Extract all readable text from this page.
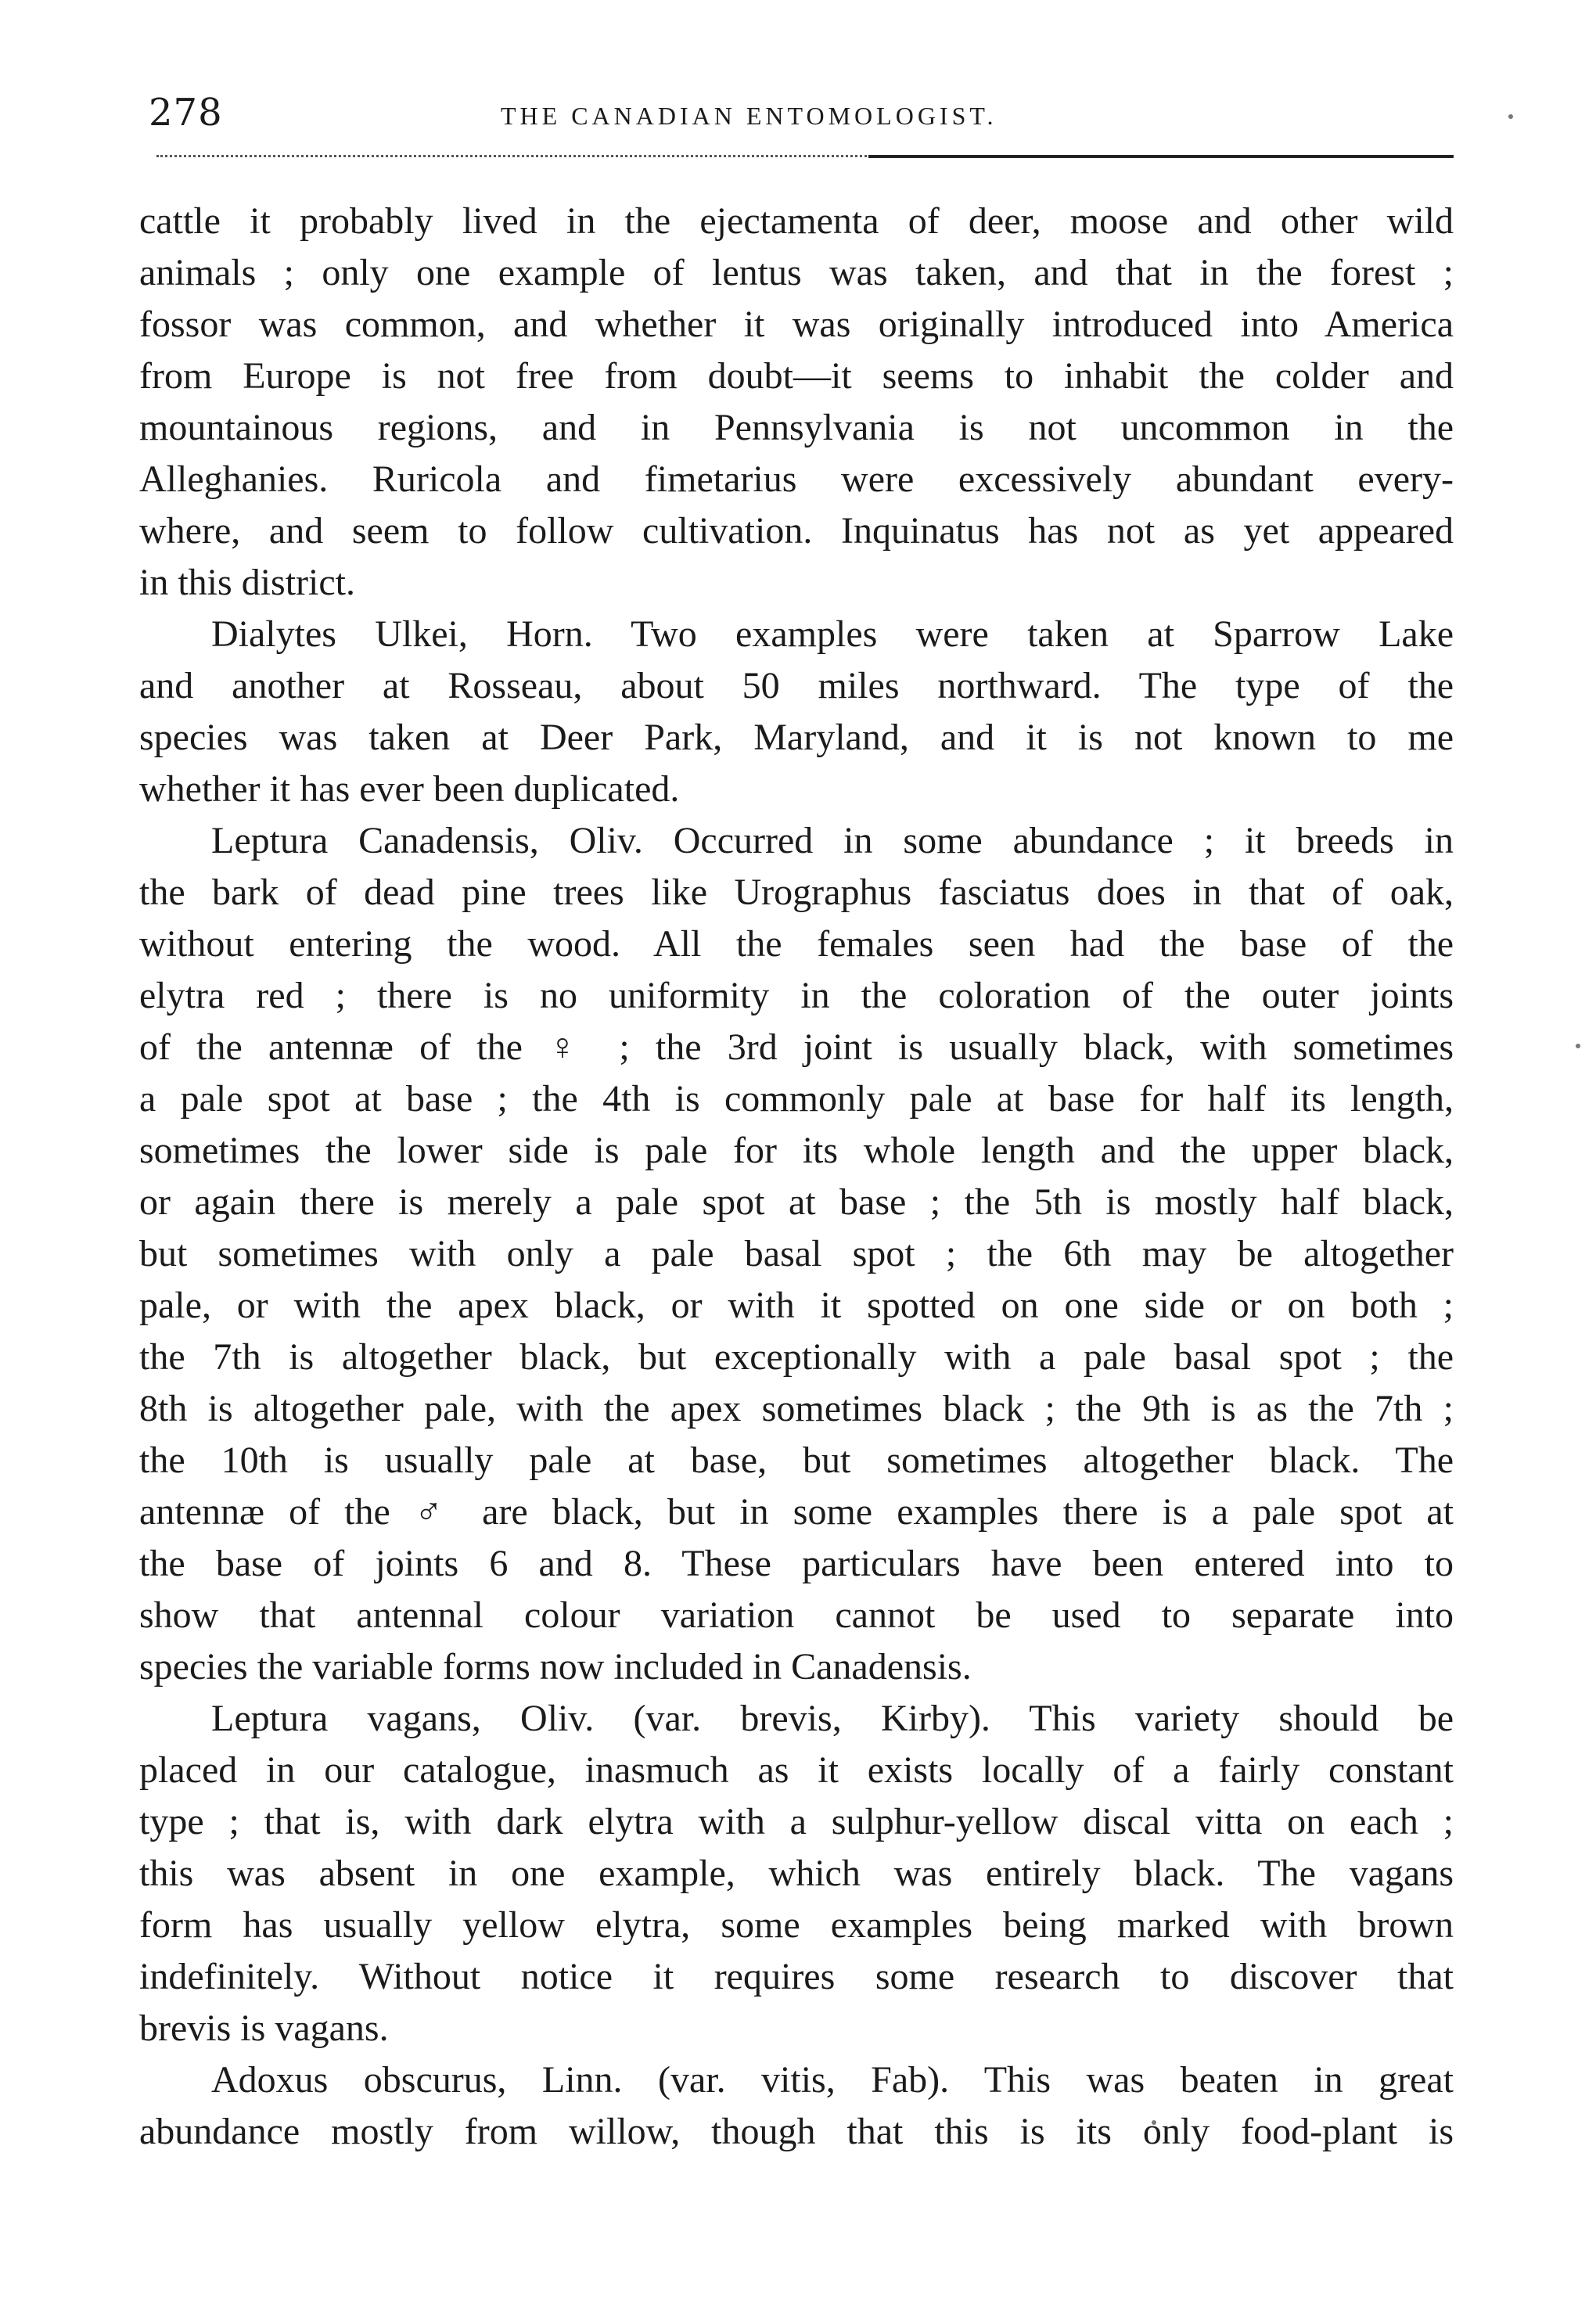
278	THE CANADIAN ENTOMOLOGIST.
cattle it probably lived in the ejectamenta of deer, moose and other wild
animals ; only one example of lentus was taken, and that in the forest ;
fossor was common, and whether it was originally introduced into America
from Europe is not free from doubt—it seems to inhabit the colder and
mountainous regions, and in Pennsylvania is not uncommon in the
Alleghanies. Ruricola and fimetarius were excessively abundant every-
where, and seem to follow cultivation. Inquinatus has not as yet appeared
in this district.
Dialytes Ulkei, Horn. Two examples were taken at Sparrow Lake
and another at Rosseau, about 50 miles northward. The type of the
species was taken at Deer Park, Maryland, and it is not known to me
whether it has ever been duplicated.
Leptura Canadensis, Oliv. Occurred in some abundance ; it breeds in
the bark of dead pine trees like Urographus fasciatus does in that of oak,
without entering the wood. All the females seen had the base of the
elytra red ; there is no uniformity in the coloration of the outer joints
of the antennæ of the ♀ ; the 3rd joint is usually black, with sometimes
a pale spot at base ; the 4th is commonly pale at base for half its length,
sometimes the lower side is pale for its whole length and the upper black,
or again there is merely a pale spot at base ; the 5th is mostly half black,
but sometimes with only a pale basal spot ; the 6th may be altogether
pale, or with the apex black, or with it spotted on one side or on both ;
the 7th is altogether black, but exceptionally with a pale basal spot ; the
8th is altogether pale, with the apex sometimes black ; the 9th is as the 7th ;
the 10th is usually pale at base, but sometimes altogether black. The
antennæ of the ♂ are black, but in some examples there is a pale spot at
the base of joints 6 and 8. These particulars have been entered into to
show that antennal colour variation cannot be used to separate into
species the variable forms now included in Canadensis.
Leptura vagans, Oliv. (var. brevis, Kirby). This variety should be
placed in our catalogue, inasmuch as it exists locally of a fairly constant
type ; that is, with dark elytra with a sulphur-yellow discal vitta on each ;
this was absent in one example, which was entirely black. The vagans
form has usually yellow elytra, some examples being marked with brown
indefinitely. Without notice it requires some research to discover that
brevis is vagans.
Adoxus obscurus, Linn. (var. vitis, Fab). This was beaten in great
abundance mostly from willow, though that this is its only food-plant is
